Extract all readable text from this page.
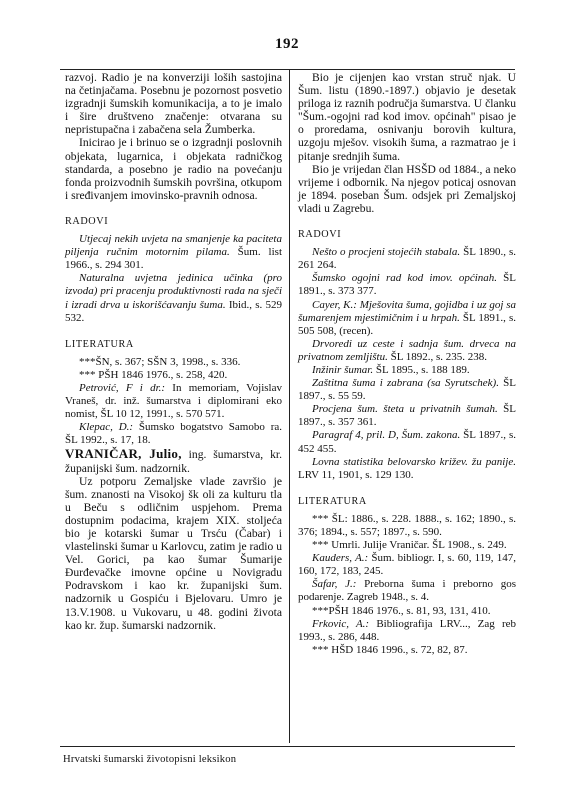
192

razvoj. Radio je na konverziji loših sastojina na četinjačama. Posebnu je pozornost posvetio izgradnji šumskih komunikacija, a to je imalo i šire društveno značenje: otvarana su nepristupačna i zabačena sela Žumberka.

Inicirao je i brinuo se o izgradnji poslovnih objekata, lugarnica, i objekata radničkog standarda, a posebno je radio na povećanju fonda proizvodnih šumskih površina, otkupom i sređivanjem imovinsko-pravnih odnosa.

RADOVI

Utjecaj nekih uvjeta na smanjenje ka paciteta piljenja ručnim motornim pilama. Šum. list 1966., s. 294 301.

Naturalna uvjetna jedinica učinka (pro izvoda) pri pracenju produktivnosti rada na sječi i izradi drva u iskorišćavanju šuma. Ibid., s. 529 532.

LITERATURA

***ŠN, s. 367; SŠN 3, 1998., s. 336.

*** PŠH 1846 1976., s. 258, 420.

Petrović, F i dr.: In memoriam, Vojislav Vraneš, dr. inž. šumarstva i diplomirani eko nomist, ŠL 10 12, 1991., s. 570 571.

Klepac, D.: Šumsko bogatstvo Samobo ra. ŠL 1992., s. 17, 18.

VRANIČAR, Julio, ing. šumarstva, kr. županijski šum. nadzornik.

Uz potporu Zemaljske vlade završio je šum. znanosti na Visokoj šk oli za kulturu tla u Beču s odličnim uspjehom. Prema dostupnim podacima, krajem XIX. stoljeća bio je kotarski šumar u Trsću (Čabar) i vlastelinski šumar u Karlovcu, zatim je radio u Vel. Gorici, pa kao šumar Šumarije Đurđevačke imovne općine u Novigradu Podravskom i kao kr. županijski šum. nadzornik u Gospiću i Bjelovaru. Umro je 13.V.1908. u Vukovaru, u 48. godini života kao kr. žup. šumarski nadzornik.

Bio je cijenjen kao vrstan struč njak. U Šum. listu (1890.-1897.) objavio je desetak priloga iz raznih područja šumarstva. U članku "Šum.-ogojni rad kod imov. općinah" pisao je o proredama, osnivanju borovih kultura, uzgoju mješov. visokih šuma, a razmatrao je i pitanje srednjih šuma.

Bio je vrijedan član HSŠD od 1884., a neko vrijeme i odbornik. Na njegov poticaj osnovan je 1894. poseban Šum. odsjek pri Zemaljskoj vladi u Zagrebu.

RADOVI

Nešto o procjeni stojećih stabala. ŠL 1890., s. 261 264.

Šumsko ogojni rad kod imov. općinah. ŠL 1891., s. 373 377.

Cayer, K.: Mješovita šuma, gojidba i uz goj sa šumarenjem mjestimičnim i u hrpah. ŠL 1891., s. 505 508, (recen).

Drvoredi uz ceste i sadnja šum. drveca na privatnom zemljištu. ŠL 1892., s. 235. 238.

Inžinir šumar. ŠL 1895., s. 188 189.

Zaštitna šuma i zabrana (sa Syrutschek). ŠL 1897., s. 55 59.

Procjena šum. šteta u privatnih šumah. ŠL 1897., s. 357 361.

Paragraf 4, pril. D, Šum. zakona. ŠL 1897., s. 452 455.

Lovna statistika belovarsko križev. žu panije. LRV 11, 1901, s. 129 130.

LITERATURA

*** ŠL: 1886., s. 228. 1888., s. 162; 1890., s. 376; 1894., s. 557; 1897., s. 590.

*** Umrli. Julije Vraničar. ŠL 1908., s. 249.

Kauders, A.: Šum. bibliogr. I, s. 60, 119, 147, 160, 172, 183, 245.

Šafar, J.: Preborna šuma i preborno gos podarenje. Zagreb 1948., s. 4.

***PŠH 1846 1976., s. 81, 93, 131, 410.

Frkovic, A.: Bibliografija LRV..., Zag reb 1993., s. 286, 448.

*** HŠD 1846 1996., s. 72, 82, 87.

Hrvatski šumarski životopisni leksikon
